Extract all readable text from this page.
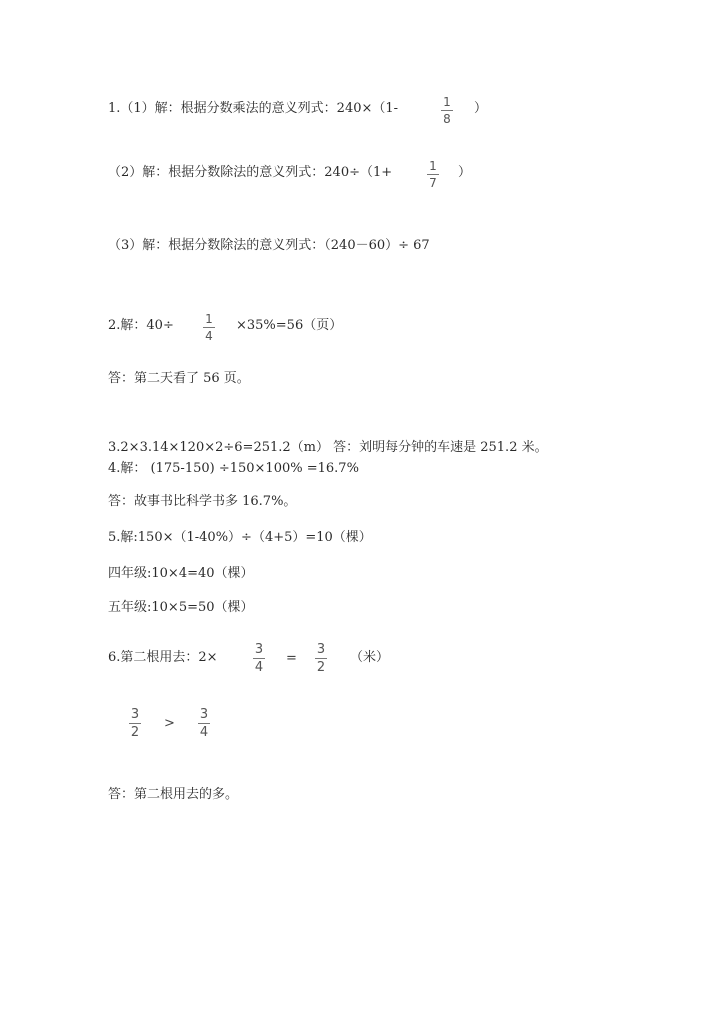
1.（1）解：根据分数乘法的意义列式：240×（1-	1
8
）
（2）解：根据分数除法的意义列式：240÷（1+	1
7
）
（3）解：根据分数除法的意义列式：（240－60）÷ 67
2.解：40÷	1
4
×35%=56（页）
答：第二天看了 56 页。
3.2×3.14×120×2÷6=251.2（m） 答：刘明每分钟的车速是 251.2 米。
4.解： (175-150) ÷150×100% =16.7%
答：故事书比科学书多 16.7%。
5.解:150×（1-40%）÷（4+5）=10（棵）
四年级:10×4=40（棵）
五年级:10×5=50（棵）
6.第二根用去：2×
3
4
=
3
2
（米）
3
2
>
3
4
答：第二根用去的多。
